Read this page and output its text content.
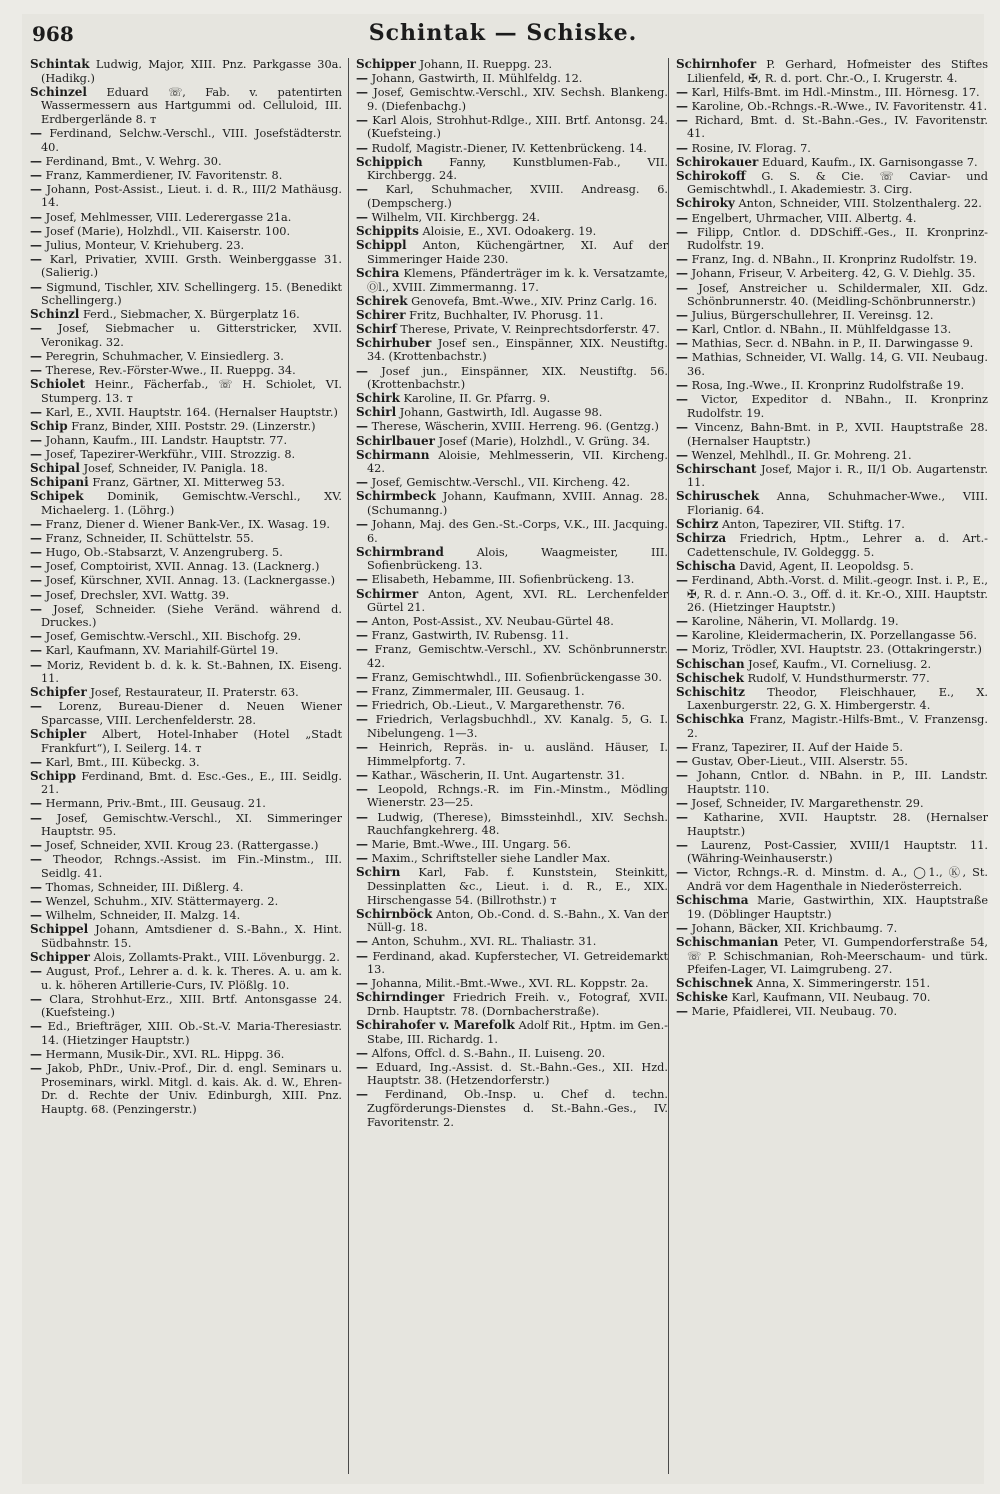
968	Schintak — Schiske.
Schintak Ludwig, Major, XIII. Pnz. Parkgasse 30a. (Hadikg.)
Schinzel Eduard ☏, Fab. v. patentirten Wassermessern aus Hartgummi od. Celluloid, III. Erdbergerlände 8. ᴛ
— Ferdinand, Selchw.-Verschl., VIII. Josefstädterstr. 40.
— Ferdinand, Bmt., V. Wehrg. 30.
— Franz, Kammerdiener, IV. Favoritenstr. 8.
— Johann, Post-Assist., Lieut. i. d. R., III/2 Mathäusg. 14.
— Josef, Mehlmesser, VIII. Lederergasse 21a.
— Josef (Marie), Holzhdl., VII. Kaiserstr. 100.
— Julius, Monteur, V. Kriehuberg. 23.
— Karl, Privatier, XVIII. Grsth. Weinberggasse 31. (Salierig.)
— Sigmund, Tischler, XIV. Schellingerg. 15. (Benedikt Schellingerg.)
Schinzl Ferd., Siebmacher, X. Bürgerplatz 16.
— Josef, Siebmacher u. Gitterstricker, XVII. Veronikag. 32.
— Peregrin, Schuhmacher, V. Einsiedlerg. 3.
— Therese, Rev.-Förster-Wwe., II. Rueppg. 34.
Schiolet Heinr., Fächerfab., ☏ H. Schiolet, VI. Stumperg. 13. ᴛ
— Karl, E., XVII. Hauptstr. 164. (Hernalser Hauptstr.)
Schip Franz, Binder, XIII. Poststr. 29. (Linzerstr.)
— Johann, Kaufm., III. Landstr. Hauptstr. 77.
— Josef, Tapezirer-Werkführ., VIII. Strozzig. 8.
Schipal Josef, Schneider, IV. Panigla. 18.
Schipani Franz, Gärtner, XI. Mitterweg 53.
Schipek Dominik, Gemischtw.-Verschl., XV. Michaelerg. 1. (Löhrg.)
— Franz, Diener d. Wiener Bank-Ver., IX. Wasag. 19.
— Franz, Schneider, II. Schüttelstr. 55.
— Hugo, Ob.-Stabsarzt, V. Anzengruberg. 5.
— Josef, Comptoirist, XVII. Annag. 13. (Lacknerg.)
— Josef, Kürschner, XVII. Annag. 13. (Lacknergasse.)
— Josef, Drechsler, XVI. Wattg. 39.
— Josef, Schneider. (Siehe Veränd. während d. Druckes.)
— Josef, Gemischtw.-Verschl., XII. Bischofg. 29.
— Karl, Kaufmann, XV. Mariahilf-Gürtel 19.
— Moriz, Revident b. d. k. k. St.-Bahnen, IX. Eiseng. 11.
Schipfer Josef, Restaurateur, II. Praterstr. 63.
— Lorenz, Bureau-Diener d. Neuen Wiener Sparcasse, VIII. Lerchenfelderstr. 28.
Schipler Albert, Hotel-Inhaber (Hotel „Stadt Frankfurt“), I. Seilerg. 14. ᴛ
— Karl, Bmt., III. Kübeckg. 3.
Schipp Ferdinand, Bmt. d. Esc.-Ges., E., III. Seidlg. 21.
— Hermann, Priv.-Bmt., III. Geusaug. 21.
— Josef, Gemischtw.-Verschl., XI. Simmeringer Hauptstr. 95.
— Josef, Schneider, XVII. Kroug 23. (Rattergasse.)
— Theodor, Rchngs.-Assist. im Fin.-Minstm., III. Seidlg. 41.
— Thomas, Schneider, III. Dißlerg. 4.
— Wenzel, Schuhm., XIV. Stättermayerg. 2.
— Wilhelm, Schneider, II. Malzg. 14.
Schippel Johann, Amtsdiener d. S.-Bahn., X. Hint. Südbahnstr. 15.
Schipper Alois, Zollamts-Prakt., VIII. Lövenburgg. 2.
— August, Prof., Lehrer a. d. k. k. Theres. A. u. am k. u. k. höheren Artillerie-Curs, IV. Plößlg. 10.
— Clara, Strohhut-Erz., XIII. Brtf. Antonsgasse 24. (Kuefsteing.)
— Ed., Briefträger, XIII. Ob.-St.-V. Maria-Theresiastr. 14. (Hietzinger Hauptstr.)
— Hermann, Musik-Dir., XVI. RL. Hippg. 36.
— Jakob, PhDr., Univ.-Prof., Dir. d. engl. Seminars u. Proseminars, wirkl. Mitgl. d. kais. Ak. d. W., Ehren-Dr. d. Rechte der Univ. Edinburgh, XIII. Pnz. Hauptg. 68. (Penzingerstr.)
Schipper Johann, II. Rueppg. 23.
— Johann, Gastwirth, II. Mühlfeldg. 12.
— Josef, Gemischtw.-Verschl., XIV. Sechsh. Blankeng. 9. (Diefenbachg.)
— Karl Alois, Strohhut-Rdlge., XIII. Brtf. Antonsg. 24. (Kuefsteing.)
— Rudolf, Magistr.-Diener, IV. Kettenbrückeng. 14.
Schippich Fanny, Kunstblumen-Fab., VII. Kirchbergg. 24.
— Karl, Schuhmacher, XVIII. Andreasg. 6. (Dempscherg.)
— Wilhelm, VII. Kirchbergg. 24.
Schippits Aloisie, E., XVI. Odoakerg. 19.
Schippl Anton, Küchengärtner, XI. Auf der Simmeringer Haide 230.
Schira Klemens, Pfänderträger im k. k. Versatzamte, Ⓞl., XVIII. Zimmermanng. 17.
Schirek Genovefa, Bmt.-Wwe., XIV. Prinz Carlg. 16.
Schirer Fritz, Buchhalter, IV. Phorusg. 11.
Schirf Therese, Private, V. Reinprechtsdorferstr. 47.
Schirhuber Josef sen., Einspänner, XIX. Neustiftg. 34. (Krottenbachstr.)
— Josef jun., Einspänner, XIX. Neustiftg. 56. (Krottenbachstr.)
Schirk Karoline, II. Gr. Pfarrg. 9.
Schirl Johann, Gastwirth, Idl. Augasse 98.
— Therese, Wäscherin, XVIII. Herreng. 96. (Gentzg.)
Schirlbauer Josef (Marie), Holzhdl., V. Grüng. 34.
Schirmann Aloisie, Mehlmesserin, VII. Kircheng. 42.
— Josef, Gemischtw.-Verschl., VII. Kircheng. 42.
Schirmbeck Johann, Kaufmann, XVIII. Annag. 28. (Schumanng.)
— Johann, Maj. des Gen.-St.-Corps, V.K., III. Jacquing. 6.
Schirmbrand	Alois, Waagmeister, III. Sofienbrückeng. 13.
— Elisabeth, Hebamme, III. Sofienbrückeng. 13.
Schirmer Anton, Agent, XVI. RL. Lerchenfelder Gürtel 21.
— Anton, Post-Assist., XV. Neubau-Gürtel 48.
— Franz, Gastwirth, IV. Rubensg. 11.
— Franz, Gemischtw.-Verschl., XV. Schönbrunnerstr. 42.
— Franz, Gemischtwhdl., III. Sofienbrückengasse 30.
— Franz, Zimmermaler, III. Geusaug. 1.
— Friedrich, Ob.-Lieut., V. Margarethenstr. 76.
— Friedrich, Verlagsbuchhdl., XV. Kanalg. 5, G. I. Nibelungeng. 1—3.
— Heinrich, Repräs. in- u. ausländ. Häuser, I. Himmelpfortg. 7.
— Kathar., Wäscherin, II. Unt. Augartenstr. 31.
— Leopold, Rchngs.-R. im Fin.-Minstm., Mödling Wienerstr. 23—25.
— Ludwig, (Therese), Bimssteinhdl., XIV. Sechsh. Rauchfangkehrerg. 48.
— Marie, Bmt.-Wwe., III. Ungarg. 56.
— Maxim., Schriftsteller siehe Landler Max.
Schirn Karl, Fab. f. Kunststein, Steinkitt, Dessinplatten &c., Lieut. i. d. R., E., XIX. Hirschengasse 54. (Billrothstr.) ᴛ
Schirnböck Anton, Ob.-Cond. d. S.-Bahn., X. Van der Nüll-g. 18.
— Anton, Schuhm., XVI. RL. Thaliastr. 31.
— Ferdinand, akad. Kupferstecher, VI. Getreidemarkt 13.
— Johanna, Milit.-Bmt.-Wwe., XVI. RL. Koppstr. 2a.
Schirndinger Friedrich Freih. v., Fotograf, XVII. Drnb. Hauptstr. 78. (Dornbacherstraße).
Schirahofer v. Marefolk Adolf Rit., Hptm. im Gen.-Stabe, III. Richardg. 1.
— Alfons, Offcl. d. S.-Bahn., II. Luiseng. 20.
— Eduard, Ing.-Assist. d. St.-Bahn.-Ges., XII. Hzd. Hauptstr. 38. (Hetzendorferstr.)
— Ferdinand, Ob.-Insp. u. Chef d. techn. Zugförderungs-Dienstes d. St.-Bahn.-Ges., IV. Favoritenstr. 2.
Schirnhofer P. Gerhard, Hofmeister des Stiftes Lilienfeld, ✠, R. d. port. Chr.-O., I. Krugerstr. 4.
— Karl, Hilfs-Bmt. im Hdl.-Minstm., III. Hörnesg. 17.
— Karoline, Ob.-Rchngs.-R.-Wwe., IV. Favoritenstr. 41.
— Richard, Bmt. d. St.-Bahn.-Ges., IV. Favoritenstr. 41.
— Rosine, IV. Florag. 7.
Schirokauer Eduard, Kaufm., IX. Garnisongasse 7.
Schirokoff G. S. & Cie. ☏ Caviar- und Gemischtwhdl., I. Akademiestr. 3. Cirg.
Schiroky Anton, Schneider, VIII. Stolzenthalerg. 22.
— Engelbert, Uhrmacher, VIII. Albertg. 4.
— Filipp, Cntlor. d. DDSchiff.-Ges., II. Kronprinz-Rudolfstr. 19.
— Franz, Ing. d. NBahn., II. Kronprinz Rudolfstr. 19.
— Johann, Friseur, V. Arbeiterg. 42, G. V. Diehlg. 35.
— Josef, Anstreicher u. Schildermaler, XII. Gdz. Schönbrunnerstr. 40. (Meidling-Schönbrunnerstr.)
— Julius, Bürgerschullehrer, II. Vereinsg. 12.
— Karl, Cntlor. d. NBahn., II. Mühlfeldgasse 13.
— Mathias, Secr. d. NBahn. in P., II. Darwingasse 9.
— Mathias, Schneider, VI. Wallg. 14, G. VII. Neubaug. 36.
— Rosa, Ing.-Wwe., II. Kronprinz Rudolfstraße 19.
— Victor, Expeditor d. NBahn., II. Kronprinz Rudolfstr. 19.
— Vincenz, Bahn-Bmt. in P., XVII. Hauptstraße 28. (Hernalser Hauptstr.)
— Wenzel, Mehlhdl., II. Gr. Mohreng. 21.
Schirschant Josef, Major i. R., II/1 Ob. Augartenstr. 11.
Schiruschek Anna, Schuhmacher-Wwe., VIII. Florianig. 64.
Schirz Anton, Tapezirer, VII. Stiftg. 17.
Schirza Friedrich, Hptm., Lehrer a. d. Art.-Cadettenschule, IV. Goldeggg. 5.
Schischa David, Agent, II. Leopoldsg. 5.
— Ferdinand, Abth.-Vorst. d. Milit.-geogr. Inst. i. P., E., ✠, R. d. r. Ann.-O. 3., Off. d. it. Kr.-O., XIII. Hauptstr. 26. (Hietzinger Hauptstr.)
— Karoline, Näherin, VI. Mollardg. 19.
— Karoline, Kleidermacherin, IX. Porzellangasse 56.
— Moriz, Trödler, XVI. Hauptstr. 23. (Ottakringerstr.)
Schischan Josef, Kaufm., VI. Corneliusg. 2.
Schischek Rudolf, V. Hundsthurmerstr. 77.
Schischitz Theodor, Fleischhauer, E., X. Laxenburgerstr. 22, G. X. Himbergerstr. 4.
Schischka Franz, Magistr.-Hilfs-Bmt., V. Franzensg. 2.
— Franz, Tapezirer, II. Auf der Haide 5.
— Gustav, Ober-Lieut., VIII. Alserstr. 55.
— Johann, Cntlor. d. NBahn. in P., III. Landstr. Hauptstr. 110.
— Josef, Schneider, IV. Margarethenstr. 29.
— Katharine, XVII. Hauptstr. 28. (Hernalser Hauptstr.)
— Laurenz, Post-Cassier, XVIII/1 Hauptstr. 11. (Währing-Weinhauserstr.)
— Victor, Rchngs.-R. d. Minstm. d. A., ◯1., Ⓚ, St. Andrä vor dem Hagenthale in Niederösterreich.
Schischma Marie, Gastwirthin, XIX. Hauptstraße 19. (Döblinger Hauptstr.)
— Johann, Bäcker, XII. Krichbaumg. 7.
Schischmanian Peter, VI. Gumpendorferstraße 54, ☏ P. Schischmanian, Roh-Meerschaum- und türk. Pfeifen-Lager, VI. Laimgrubeng. 27.
Schischnek Anna, X. Simmeringerstr. 151.
Schiske Karl, Kaufmann, VII. Neubaug. 70.
— Marie, Pfaidlerei, VII. Neubaug. 70.
